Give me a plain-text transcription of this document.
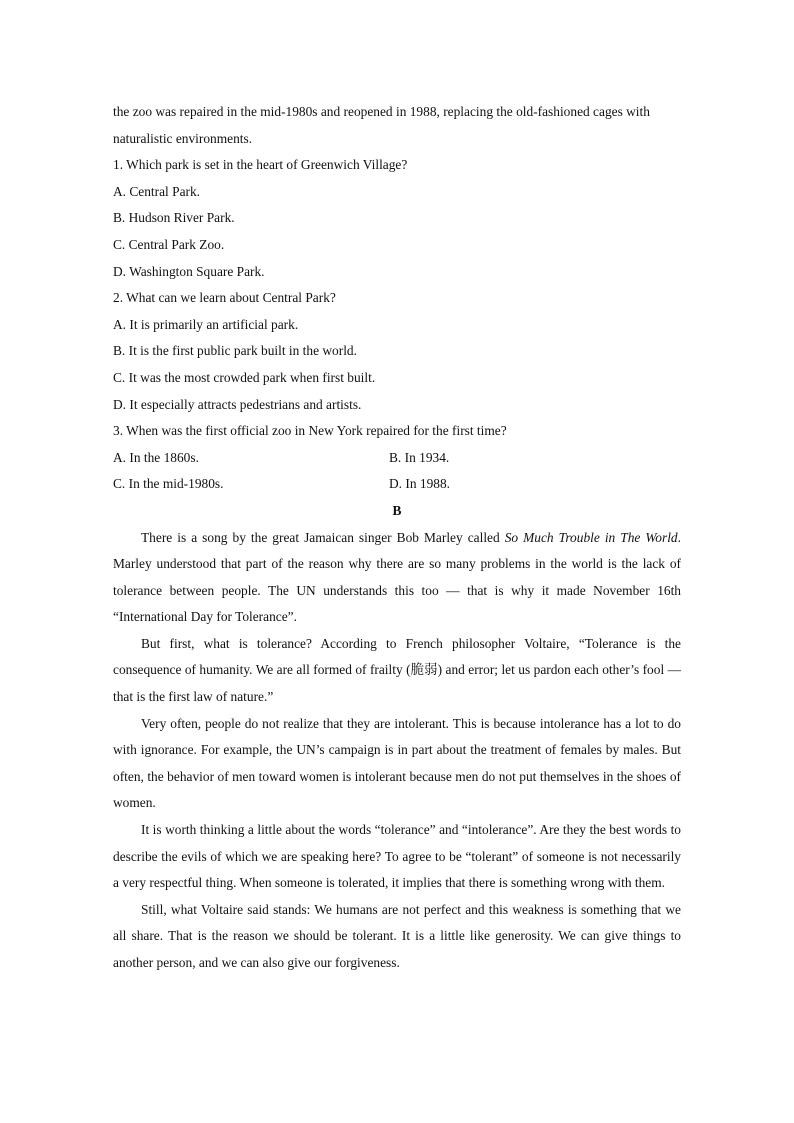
the zoo was repaired in the mid-1980s and reopened in 1988, replacing the old-fashioned cages with

naturalistic environments.

1. Which park is set in the heart of Greenwich Village?

A. Central Park.

B. Hudson River Park.

C. Central Park Zoo.

D. Washington Square Park.

2. What can we learn about Central Park?

A. It is primarily an artificial park.

B. It is the first public park built in the world.

C. It was the most crowded park when first built.

D. It especially attracts pedestrians and artists.

3. When was the first official zoo in New York repaired for the first time?

A. In the 1860s.	B. In 1934.
C. In the mid-1980s.	D. In 1988.

B

There is a song by the great Jamaican singer Bob Marley called So Much Trouble in The World. Marley understood that part of the reason why there are so many problems in the world is the lack of tolerance between people. The UN understands this too — that is why it made November 16th “International Day for Tolerance”.

But first, what is tolerance? According to French philosopher Voltaire, “Tolerance is the consequence of humanity. We are all formed of frailty (脆弱) and error; let us pardon each other’s fool — that is the first law of nature.”

Very often, people do not realize that they are intolerant. This is because intolerance has a lot to do with ignorance. For example, the UN’s campaign is in part about the treatment of females by males. But often, the behavior of men toward women is intolerant because men do not put themselves in the shoes of women.

It is worth thinking a little about the words “tolerance” and “intolerance”. Are they the best words to describe the evils of which we are speaking here? To agree to be “tolerant” of someone is not necessarily a very respectful thing. When someone is tolerated, it implies that there is something wrong with them.

Still, what Voltaire said stands: We humans are not perfect and this weakness is something that we all share. That is the reason we should be tolerant. It is a little like generosity. We can give things to another person, and we can also give our forgiveness.
